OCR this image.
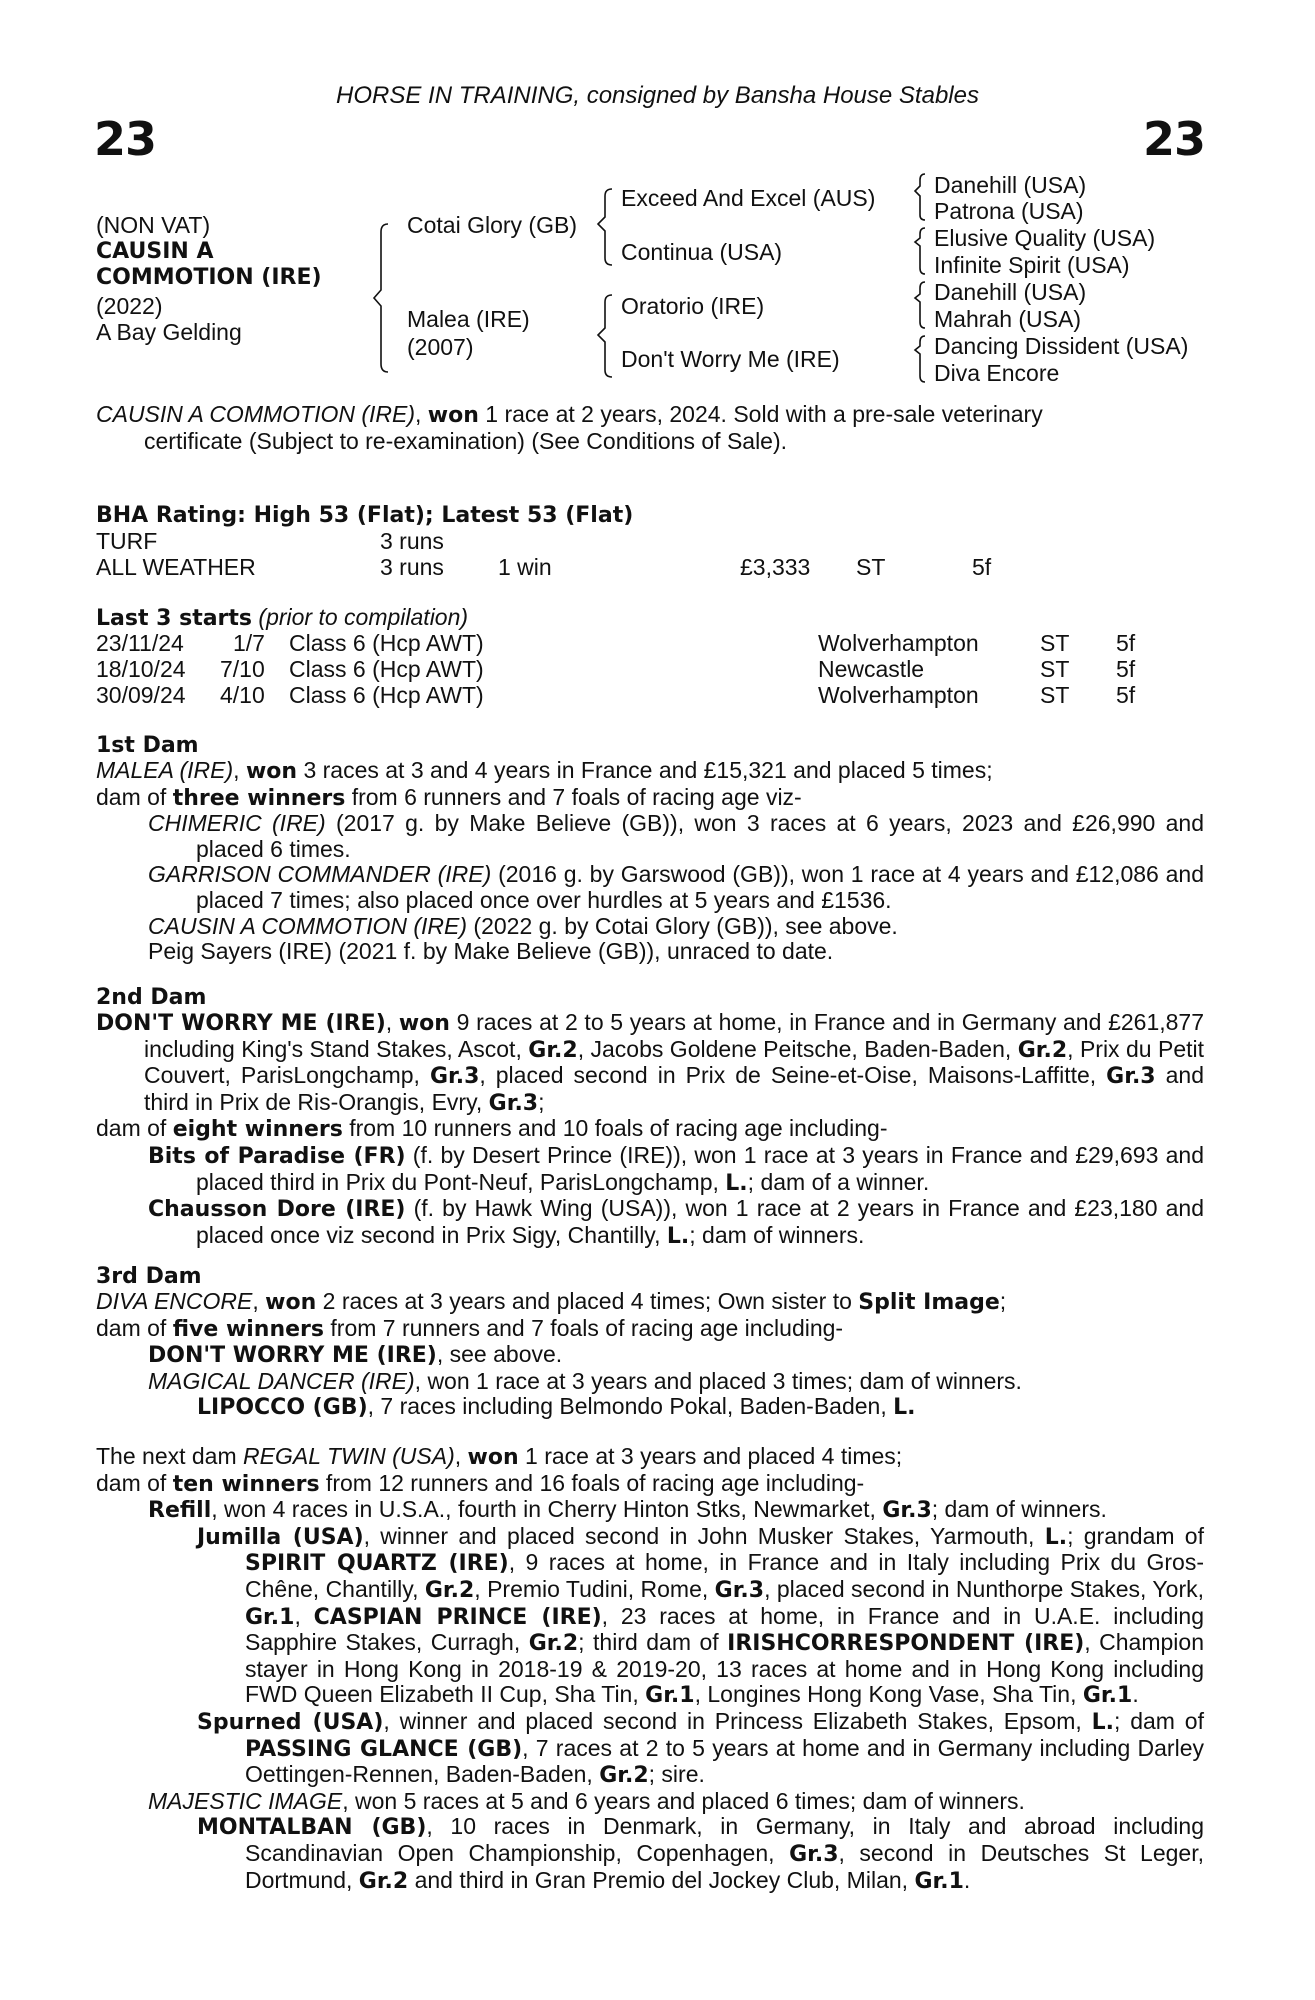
23	23
HORSE IN TRAINING, consigned by Bansha House Stables
(NON VAT)
CAUSIN A
COMMOTION (IRE)
(2022)
A Bay Gelding
Cotai Glory (GB)
Malea (IRE)
(2007)
Exceed And Excel (AUS)
Continua (USA)
Oratorio (IRE)
Don't Worry Me (IRE)
Danehill (USA)
Patrona (USA)
Elusive Quality (USA)
Infinite Spirit (USA)
Danehill (USA)
Mahrah (USA)
Dancing Dissident (USA)
Diva Encore
CAUSIN A COMMOTION (IRE), won 1 race at 2 years, 2024. Sold with a pre-sale veterinary
certificate (Subject to re-examination) (See Conditions of Sale).
BHA Rating: High 53 (Flat); Latest 53 (Flat)
TURF	3 runs
ALL WEATHER	3 runs 1 win	£3,333 ST	5f
Last 3 starts (prior to compilation)
23/11/24 1/7 Class 6 (Hcp AWT)	Wolverhampton	ST 5f
18/10/24 7/10 Class 6 (Hcp AWT)	Newcastle	ST 5f
30/09/24 4/10 Class 6 (Hcp AWT)	Wolverhampton	ST 5f
1st Dam
MALEA (IRE), won 3 races at 3 and 4 years in France and £15,321 and placed 5 times;
dam of three winners from 6 runners and 7 foals of racing age viz-
CHIMERIC (IRE) (2017 g. by Make Believe (GB)), won 3 races at 6 years, 2023 and £26,990 and placed 6 times.
GARRISON COMMANDER (IRE) (2016 g. by Garswood (GB)), won 1 race at 4 years and £12,086 and placed 7 times; also placed once over hurdles at 5 years and £1536.
CAUSIN A COMMOTION (IRE) (2022 g. by Cotai Glory (GB)), see above.
Peig Sayers (IRE) (2021 f. by Make Believe (GB)), unraced to date.
2nd Dam
DON'T WORRY ME (IRE), won 9 races at 2 to 5 years at home, in France and in Germany and £261,877 including King's Stand Stakes, Ascot, Gr.2, Jacobs Goldene Peitsche, Baden-Baden, Gr.2, Prix du Petit Couvert, ParisLongchamp, Gr.3, placed second in Prix de Seine-et-Oise, Maisons-Laffitte, Gr.3 and third in Prix de Ris-Orangis, Evry, Gr.3;
dam of eight winners from 10 runners and 10 foals of racing age including-
Bits of Paradise (FR) (f. by Desert Prince (IRE)), won 1 race at 3 years in France and £29,693 and placed third in Prix du Pont-Neuf, ParisLongchamp, L.; dam of a winner.
Chausson Dore (IRE) (f. by Hawk Wing (USA)), won 1 race at 2 years in France and £23,180 and placed once viz second in Prix Sigy, Chantilly, L.; dam of winners.
3rd Dam
DIVA ENCORE, won 2 races at 3 years and placed 4 times; Own sister to Split Image;
dam of five winners from 7 runners and 7 foals of racing age including-
DON'T WORRY ME (IRE), see above.
MAGICAL DANCER (IRE), won 1 race at 3 years and placed 3 times; dam of winners.
LIPOCCO (GB), 7 races including Belmondo Pokal, Baden-Baden, L.
The next dam REGAL TWIN (USA), won 1 race at 3 years and placed 4 times;
dam of ten winners from 12 runners and 16 foals of racing age including-
Refill, won 4 races in U.S.A., fourth in Cherry Hinton Stks, Newmarket, Gr.3; dam of winners.
Jumilla (USA), winner and placed second in John Musker Stakes, Yarmouth, L.; grandam of SPIRIT QUARTZ (IRE), 9 races at home, in France and in Italy including Prix du Gros-Chêne, Chantilly, Gr.2, Premio Tudini, Rome, Gr.3, placed second in Nunthorpe Stakes, York, Gr.1, CASPIAN PRINCE (IRE), 23 races at home, in France and in U.A.E. including Sapphire Stakes, Curragh, Gr.2; third dam of IRISHCORRESPONDENT (IRE), Champion stayer in Hong Kong in 2018-19 & 2019-20, 13 races at home and in Hong Kong including FWD Queen Elizabeth II Cup, Sha Tin, Gr.1, Longines Hong Kong Vase, Sha Tin, Gr.1.
Spurned (USA), winner and placed second in Princess Elizabeth Stakes, Epsom, L.; dam of PASSING GLANCE (GB), 7 races at 2 to 5 years at home and in Germany including Darley Oettingen-Rennen, Baden-Baden, Gr.2; sire.
MAJESTIC IMAGE, won 5 races at 5 and 6 years and placed 6 times; dam of winners.
MONTALBAN (GB), 10 races in Denmark, in Germany, in Italy and abroad including Scandinavian Open Championship, Copenhagen, Gr.3, second in Deutsches St Leger, Dortmund, Gr.2 and third in Gran Premio del Jockey Club, Milan, Gr.1.
